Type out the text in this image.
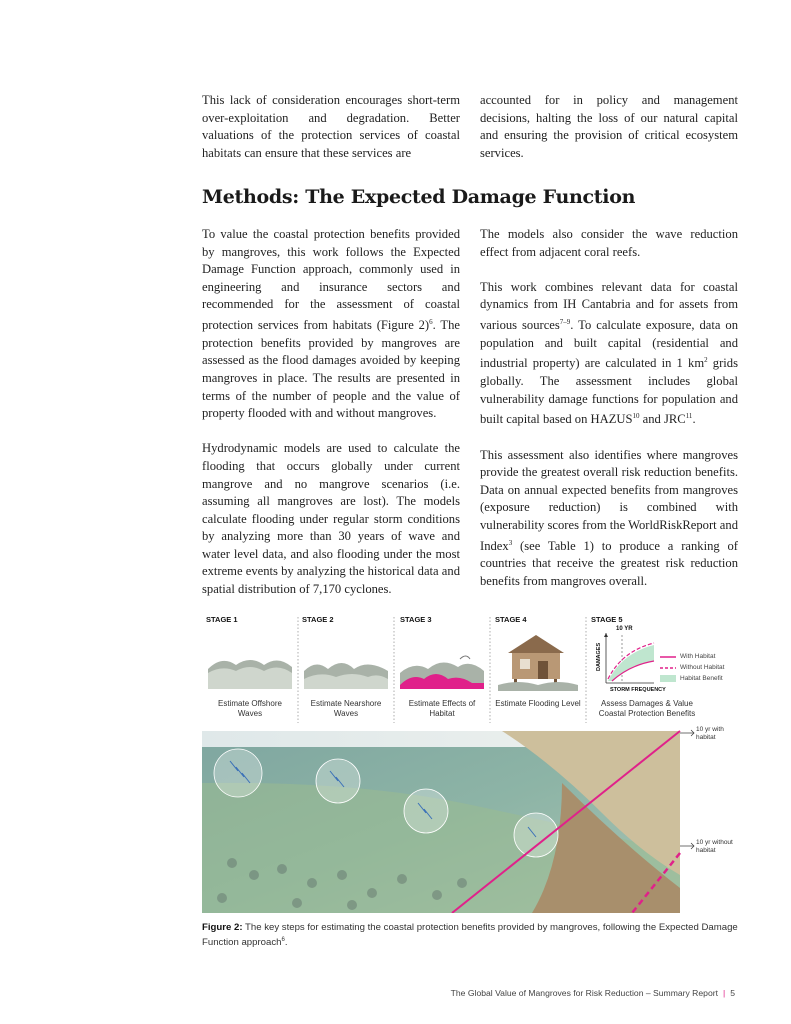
This lack of consideration encourages short-term over-exploitation and degradation. Better valuations of the protection services of coastal habitats can ensure that these services are

accounted for in policy and management decisions, halting the loss of our natural capital and ensuring the provision of critical ecosystem services.

Methods: The Expected Damage Function

To value the coastal protection benefits provided by mangroves, this work follows the Expected Damage Function approach, commonly used in engineering and insurance sectors and recommended for the assessment of coastal protection services from habitats (Figure 2)$^6$. The protection benefits provided by mangroves are assessed as the flood damages avoided by keeping mangroves in place. The results are presented in terms of the number of people and the value of property flooded with and without mangroves.

Hydrodynamic models are used to calculate the flooding that occurs globally under current mangrove and no mangrove scenarios (i.e. assuming all mangroves are lost). The models calculate flooding under regular storm conditions by analyzing more than 30 years of wave and water level data, and also flooding under the most extreme events by analyzing the historical data and spatial distribution of 7,170 cyclones.

The models also consider the wave reduction effect from adjacent coral reefs.

This work combines relevant data for coastal dynamics from IH Cantabria and for assets from various sources$^{7-9}$. To calculate exposure, data on population and built capital (residential and industrial property) are calculated in 1 $km^2$ grids globally. The assessment includes global vulnerability damage functions for population and built capital based on HAZUS$^{10}$ and JRC$^{11}$.

This assessment also identifies where mangroves provide the greatest overall risk reduction benefits. Data on annual expected benefits from mangroves (exposure reduction) is combined with vulnerability scores from the WorldRiskReport and Index$^3$ (see Table 1) to produce a ranking of countries that receive the greatest risk reduction benefits from mangroves overall.

STAGE 1	STAGE 2	STAGE 3	STAGE 4	STAGE 5
10 YR
DAMAGES
STORM FREQUENCY
Estimate Offshore Waves
Estimate Nearshore Waves
Estimate Effects of Habitat
Estimate Flooding Level	Assess Damages & Value Coastal Protection Benefits
With Habitat
Without Habitat
Habitat Benefit
10 yr with habitat
10 yr without habitat
Figure 2: The key steps for estimating the coastal protection benefits provided by mangroves, following the Expected Damage Function approach$^6$.
The Global Value of Mangroves for Risk Reduction – Summary Report | 5
